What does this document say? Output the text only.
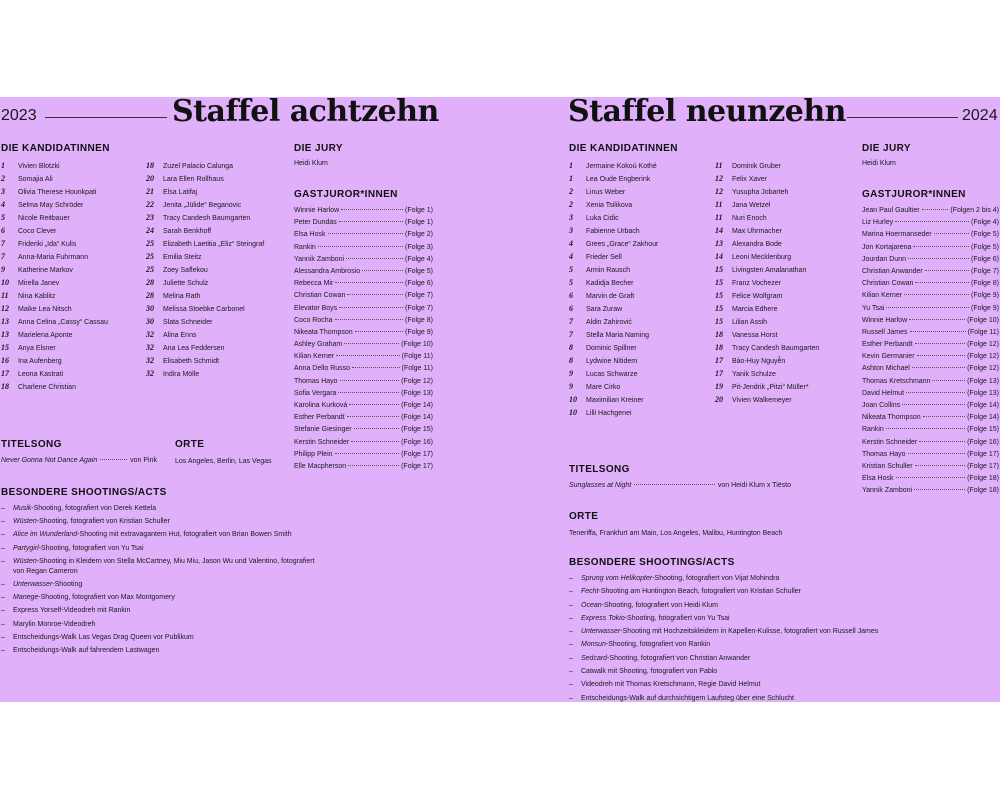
2023	Staffel achtzehn
DIE KANDIDATINNEN
1 Vivien Blotzki
2 Somajia Ali
3 Olivia Therese Hounkpati
4 Selma May Schröder
5 Nicole Reitbauer
6 Coco Clever
7 Frideriki „Ida“ Kulis
7 Anna-Maria Fuhrmann
9 Katherine Markov
10 Mirella Janev
11 Nina Kablitz
12 Maike Lea Nitsch
13 Anna Celina „Cassy“ Cassau
13 Marielena Aponte
15 Anya Elsner
16 Ina Aufenberg
17 Leona Kastrati
18 Charlene Christian
18 Zuzel Palacio Calunga
20 Lara Ellen Rollhaus
21 Elsa Latifaj
22 Jenita „Jülide“ Beganovic
23 Tracy Candesh Baumgarten
24 Sarah Benkhoff
25 Elizabeth Laetitia „Eliz“ Steingraf
25 Emilia Steitz
25 Zoey Saflekou
28 Juliette Schulz
28 Melina Rath
30 Melissa Stoebke Carbonel
30 Slata Schneider
32 Alina Enns
32 Ana Lea Feddersen
32 Elisabeth Schmidt
32 Indira Mölle
DIE JURY
Heidi Klum
GASTJUROR*INNEN
Winnie Harlow	(Folge 1)
Peter Dundas	(Folge 1)
Elsa Hosk	(Folge 2)
Rankin	(Folge 3)
Yannik Zamboni	(Folge 4)
Alessandra Ambrosio	(Folge 5)
Rebecca Mir	(Folge 6)
Christian Cowan	(Folge 7)
Elevator Boys	(Folge 7)
Coco Rocha	(Folge 8)
Nikeata Thompson	(Folge 9)
Ashley Graham	(Folge 10)
Kilian Kerner	(Folge 11)
Anna Dello Russo	(Folge 11)
Thomas Hayo	(Folge 12)
Sofia Vergara	(Folge 13)
Karolina Kurková	(Folge 14)
Esther Perbandt	(Folge 14)
Stefanie Giesinger	(Folge 15)
Kerstin Schneider	(Folge 16)
Philipp Plein	(Folge 17)
Elle Macpherson	(Folge 17)
TITELSONG
Never Gonna Not Dance Again	von Pink
ORTE
Los Angeles, Berlin, Las Vegas
BESONDERE SHOOTINGS/ACTS
– Musik-Shooting, fotografiert von Derek Kettela
– Wüsten-Shooting, fotografiert von Kristian Schuller
– Alice im Wunderland-Shooting mit extravagantem Hut, fotografiert von Brian Bowen Smith
– Partygirl-Shooting, fotografiert von Yu Tsai
– Wüsten-Shooting in Kleidern von Stella McCartney, Miu Miu, Jason Wu und Valentino, fotografiert von Regan Cameron
– Unterwasser-Shooting
– Manege-Shooting, fotografiert von Max Montgomery
– Express Yorself-Videodreh mit Rankin
– Marylin Monroe-Videodreh
– Entscheidungs-Walk Las Vegas Drag Queen vor Publikum
– Entscheidungs-Walk auf fahrendem Lastwagen
Staffel neunzehn	2024
DIE KANDIDATINNEN
1 Jermaine Kokoú Kothé
1 Lea Oude Engberink
2 Linus Weber
2 Xenia Tsilikova
3 Luka Cidic
3 Fabienne Urbach
4 Grees „Grace“ Zakhour
4 Frieder Sell
5 Armin Rausch
5 Kadidja Becher
6 Marvin de Graft
6 Sara Zuraw
7 Aldin Zahirović
7 Stella Maria Naming
8 Dominic Spillner
8 Lydwine Nitidem
9 Lucas Schwarze
9 Mare Cirko
10 Maximilian Kreiner
10 Lilli Hachgenei
11 Dominik Gruber
12 Felix Xaver
12 Yusupha Jobarteh
11 Jana Wetzel
11 Nuri Enoch
14 Max Uhrmacher
13 Alexandra Bode
14 Leoni Mecklenburg
15 Livingsten Amalanathan
15 Franz Vochezer
15 Felice Wolfgram
15 Marcia Edhere
15 Lilian Assih
18 Vanessa Horst
18 Tracy Candesh Baumgarten
17 Bảo-Huy Nguyễn
17 Yanik Schulze
19 Pit-Jendrik „Pitzi“ Müller*
20 Vivien Walkemeyer
DIE JURY
Heidi Klum
GASTJUROR*INNEN
Jean Paul Gaultier	(Folgen 2 bis 4)
Liz Hurley	(Folge 4)
Marina Hoermanseder	(Folge 5)
Jon Kortajarena	(Folge 5)
Jourdan Dunn	(Folge 6)
Christian Anwander	(Folge 7)
Christian Cowan	(Folge 8)
Kilian Kerner	(Folge 9)
Yu Tsai	(Folge 9)
Winnie Harlow	(Folge 10)
Russell James	(Folge 11)
Esther Perbandt	(Folge 12)
Kevin Germanier	(Folge 12)
Ashton Michael	(Folge 12)
Thomas Kretschmann	(Folge 13)
David Helmut	(Folge 13)
Joan Collins	(Folge 14)
Nikeata Thompson	(Folge 14)
Rankin	(Folge 15)
Kerstin Schneider	(Folge 16)
Thomas Hayo	(Folge 17)
Kristian Schuller	(Folge 17)
Elsa Hosk	(Folge 18)
Yannik Zamboni	(Folge 18)
TITELSONG
Sunglasses at Night	von Heidi Klum x Tiësto
ORTE
Teneriffa, Frankfurt am Main, Los Angeles, Malibu, Huntington Beach
BESONDERE SHOOTINGS/ACTS
– Sprung vom Helikopter-Shooting, fotografiert von Vijat Mohindra
– Fecht-Shooting am Huntington Beach, fotografiert von Kristian Schuller
– Ocean-Shooting, fotografiert von Heidi Klum
– Express Tokio-Shooting, fotografiert von Yu Tsai
– Unterwasser-Shooting mit Hochzeitskleidern in Kapellen-Kulisse, fotografiert von Russell James
– Monsun-Shooting, fotografiert von Rankin
– Sedcard-Shooting, fotografiert von Christian Anwander
– Catwalk mit Shooting, fotografiert von Pablo
– Videodreh mit Thomas Kretschmann, Regie David Helmut
– Entscheidungs-Walk auf durchsichtigem Laufsteg über eine Schlucht
